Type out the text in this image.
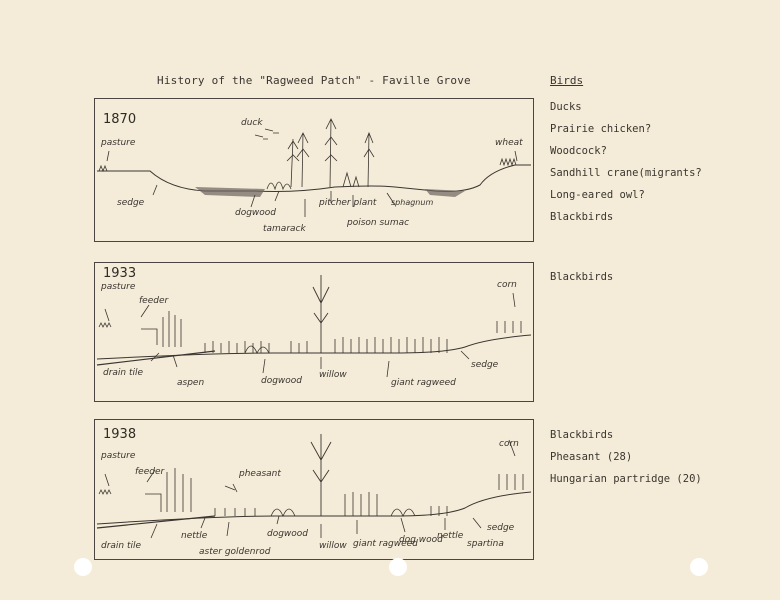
History of the "Ragweed Patch" - Faville Grove	Birds
1870
pasture
duck
wheat
sedge
dogwood
tamarack
pitcher plant
poison sumac
sphagnum
1933
pasture
feeder
corn
drain tile
aspen	dogwood
willow
giant ragweed
sedge
1938
pasture
feeder	pheasant
corn
drain tile
nettle
aster goldenrod
dogwood
willow giant ragweed
dog wood
nettle
spartina
sedge
Ducks
Prairie chicken?
Woodcock?
Sandhill crane(migrants?
Long-eared owl?
Blackbirds
Blackbirds
Blackbirds
Pheasant (28)
Hungarian partridge (20)
